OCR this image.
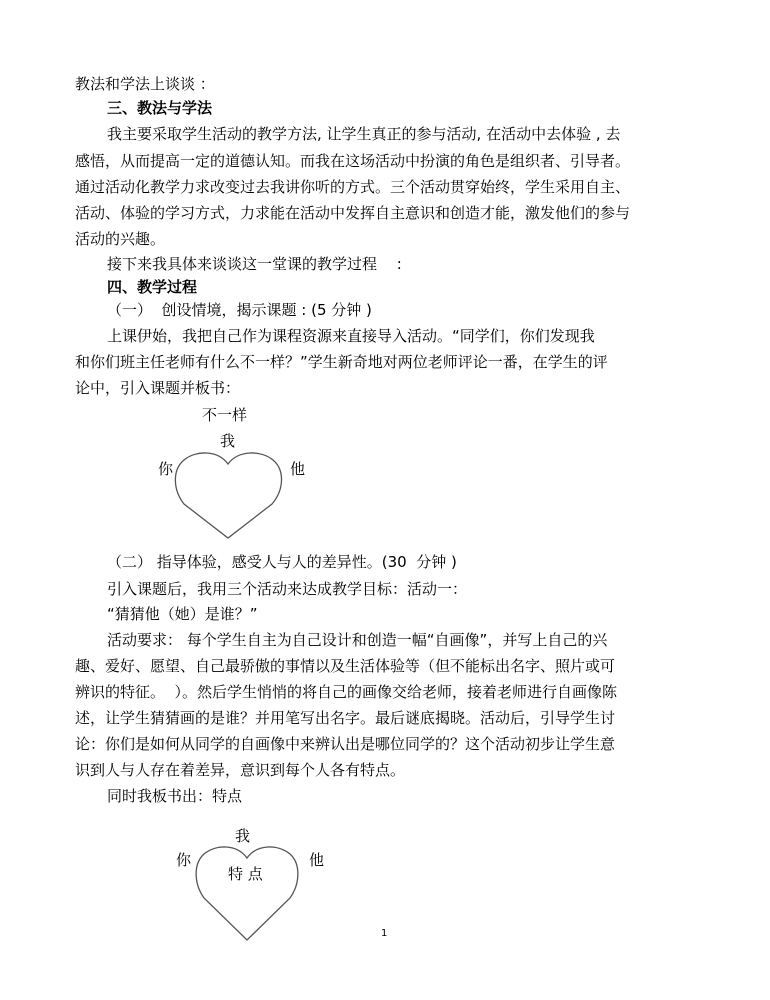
教法和学法上谈谈 ：
三、教法与学法
我主要采取学生活动的教学方法, 让学生真正的参与活动, 在活动中去体验 , 去
感悟，从而提高一定的道德认知。而我在这场活动中扮演的角色是组织者、引导者。
通过活动化教学力求改变过去我讲你听的方式。三个活动贯穿始终，学生采用自主、
活动、体验的学习方式，力求能在活动中发挥自主意识和创造才能，激发他们的参与
活动的兴趣。
接下来我具体来谈谈这一堂课的教学过程　 :
四、教学过程
（一）  创设情境，揭示课题 : (5 分钟 )
上课伊始，我把自己作为课程资源来直接导入活动。“同学们，你们发现我
和你们班主任老师有什么不一样？”学生新奇地对两位老师评论一番，在学生的评
论中，引入课题并板书：
不一样
我
你	他
（二） 指导体验，感受人与人的差异性。(30  分钟 )
引入课题后，我用三个活动来达成教学目标：活动一：
“猜猜他（她）是谁？”
活动要求： 每个学生自主为自己设计和创造一幅“自画像”，并写上自己的兴
趣、爱好、愿望、自己最骄傲的事情以及生活体验等（但不能标出名字、照片或可
辨识的特征。  ）。然后学生悄悄的将自己的画像交给老师，接着老师进行自画像陈
述，让学生猜猜画的是谁？并用笔写出名字。最后谜底揭晓。活动后，引导学生讨
论：你们是如何从同学的自画像中来辨认出是哪位同学的？这个活动初步让学生意
识到人与人存在着差异，意识到每个人各有特点。
同时我板书出：特点
我
你	他
特 点
1
